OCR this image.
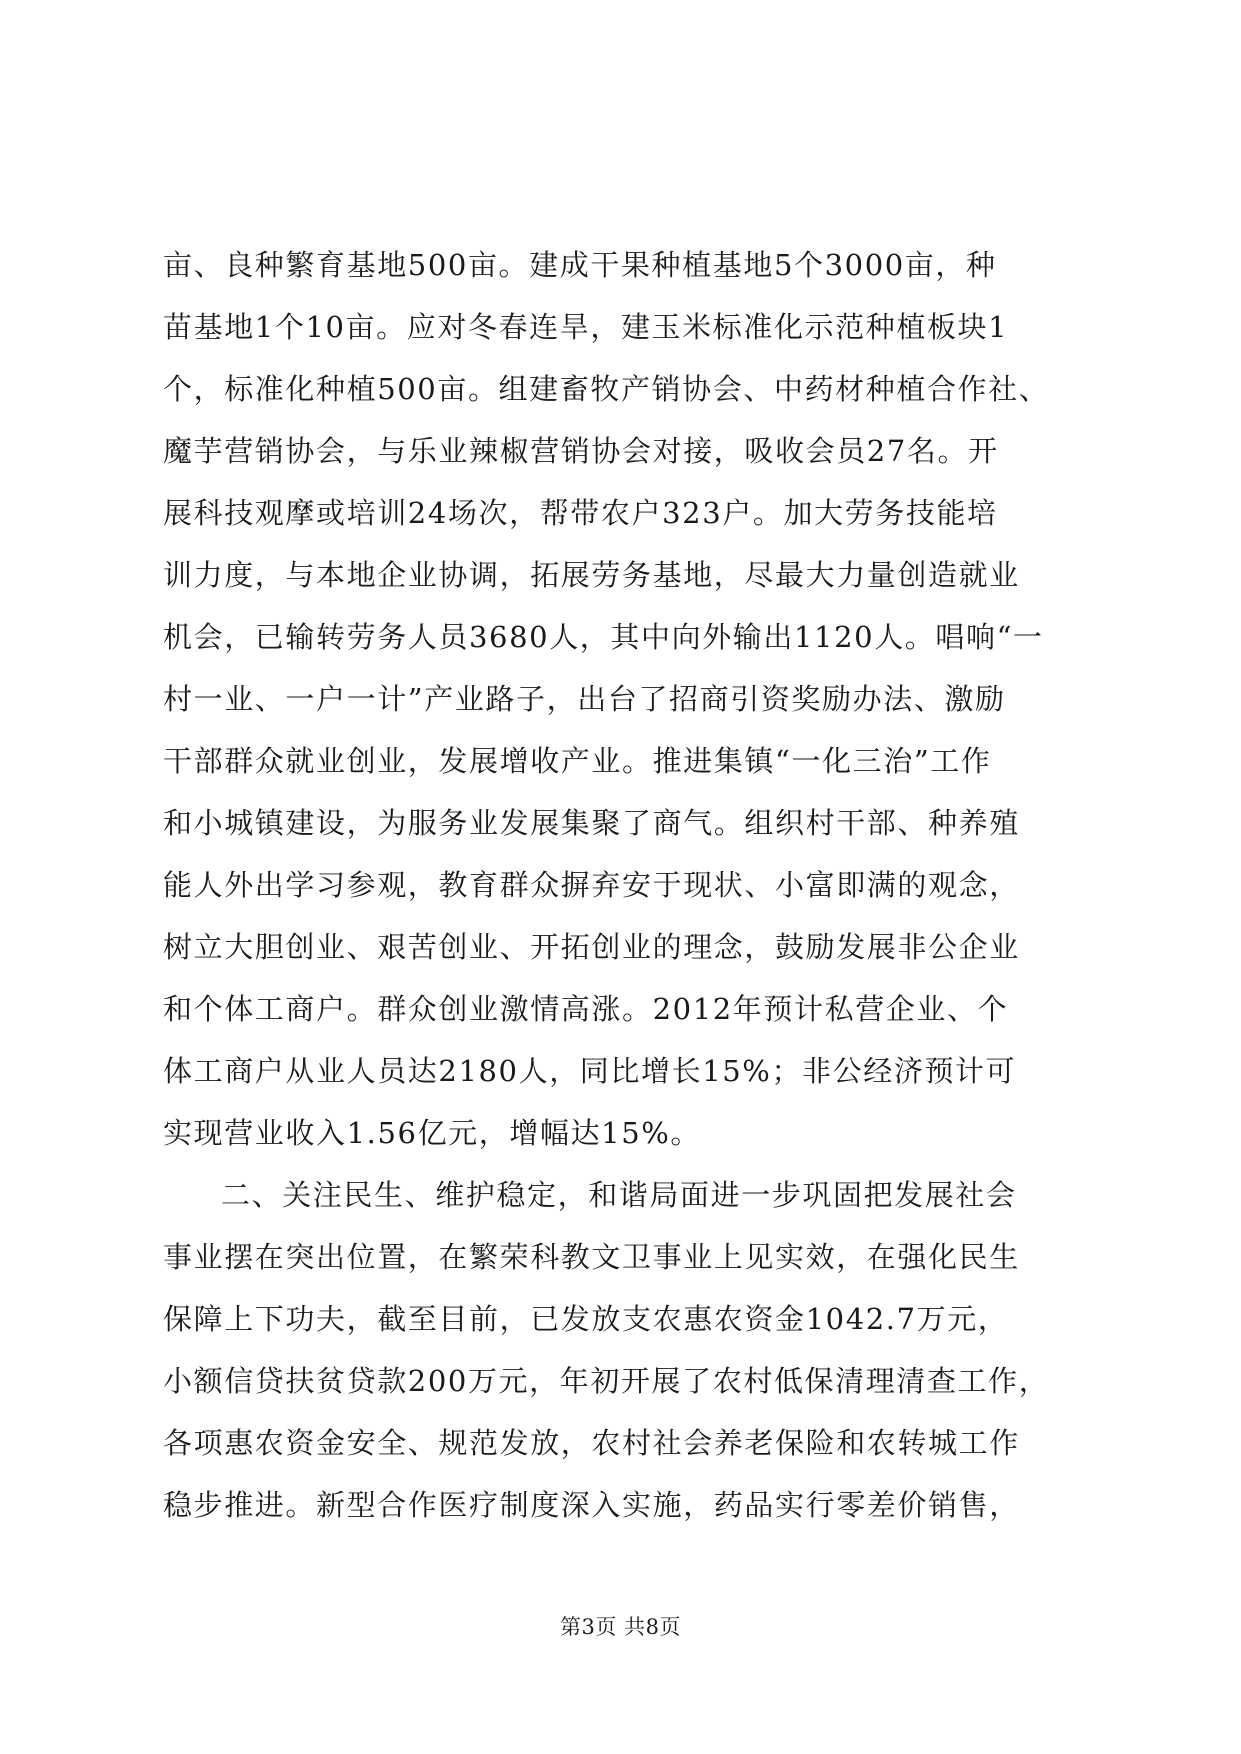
亩、良种繁育基地500亩。建成干果种植基地5个3000亩，种
苗基地1个10亩。应对冬春连旱，建玉米标准化示范种植板块1
个，标准化种植500亩。组建畜牧产销协会、中药材种植合作社、
魔芋营销协会，与乐业辣椒营销协会对接，吸收会员27名。开
展科技观摩或培训24场次，帮带农户323户。加大劳务技能培
训力度，与本地企业协调，拓展劳务基地，尽最大力量创造就业
机会，已输转劳务人员3680人，其中向外输出1120人。唱响“一
村一业、一户一计”产业路子，出台了招商引资奖励办法、激励
干部群众就业创业，发展增收产业。推进集镇“一化三治”工作
和小城镇建设，为服务业发展集聚了商气。组织村干部、种养殖
能人外出学习参观，教育群众摒弃安于现状、小富即满的观念，
树立大胆创业、艰苦创业、开拓创业的理念，鼓励发展非公企业
和个体工商户。群众创业激情高涨。2012年预计私营企业、个
体工商户从业人员达2180人，同比增长15%；非公经济预计可
实现营业收入1.56亿元，增幅达15%。
二、关注民生、维护稳定，和谐局面进一步巩固把发展社会
事业摆在突出位置，在繁荣科教文卫事业上见实效，在强化民生
保障上下功夫，截至目前，已发放支农惠农资金1042.7万元，
小额信贷扶贫贷款200万元，年初开展了农村低保清理清查工作，
各项惠农资金安全、规范发放，农村社会养老保险和农转城工作
稳步推进。新型合作医疗制度深入实施，药品实行零差价销售，
第3页 共8页
